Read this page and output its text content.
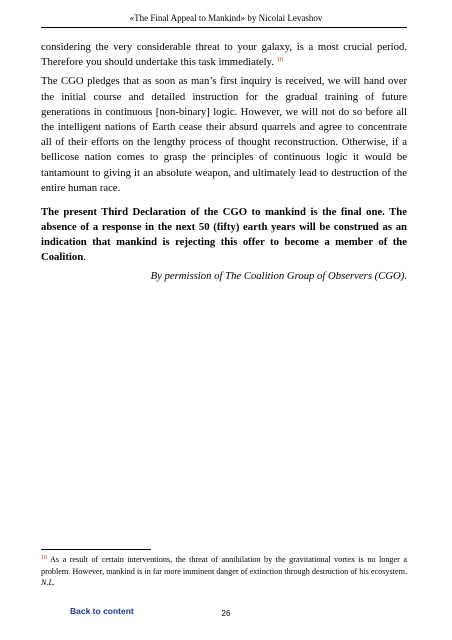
«The Final Appeal to Mankind» by Nicolai Levashov

considering the very considerable threat to your galaxy, is a most crucial period. Therefore you should undertake this task immediately. $^{10}$

The CGO pledges that as soon as man’s first inquiry is received, we will hand over the initial course and detailed instruction for the gradual training of future generations in continuous [non-binary] logic. However, we will not do so before all the intelligent nations of Earth cease their absurd quarrels and agree to concentrate all of their efforts on the lengthy process of thought reconstruction. Otherwise, if a bellicose nation comes to grasp the principles of continuous logic it would be tantamount to giving it an absolute weapon, and ultimately lead to destruction of the entire human race.

The present Third Declaration of the CGO to mankind is the final one. The absence of a response in the next 50 (fifty) earth years will be construed as an indication that mankind is rejecting this offer to become a member of the Coalition.

By permission of The Coalition Group of Observers (CGO).

$^{10}$ As a result of certain interventions, the threat of annihilation by the gravitational vortex is no longer a problem. However, mankind is in far more imminent danger of extinction through destruction of his ecosystem. N.L.
Back to content	26
